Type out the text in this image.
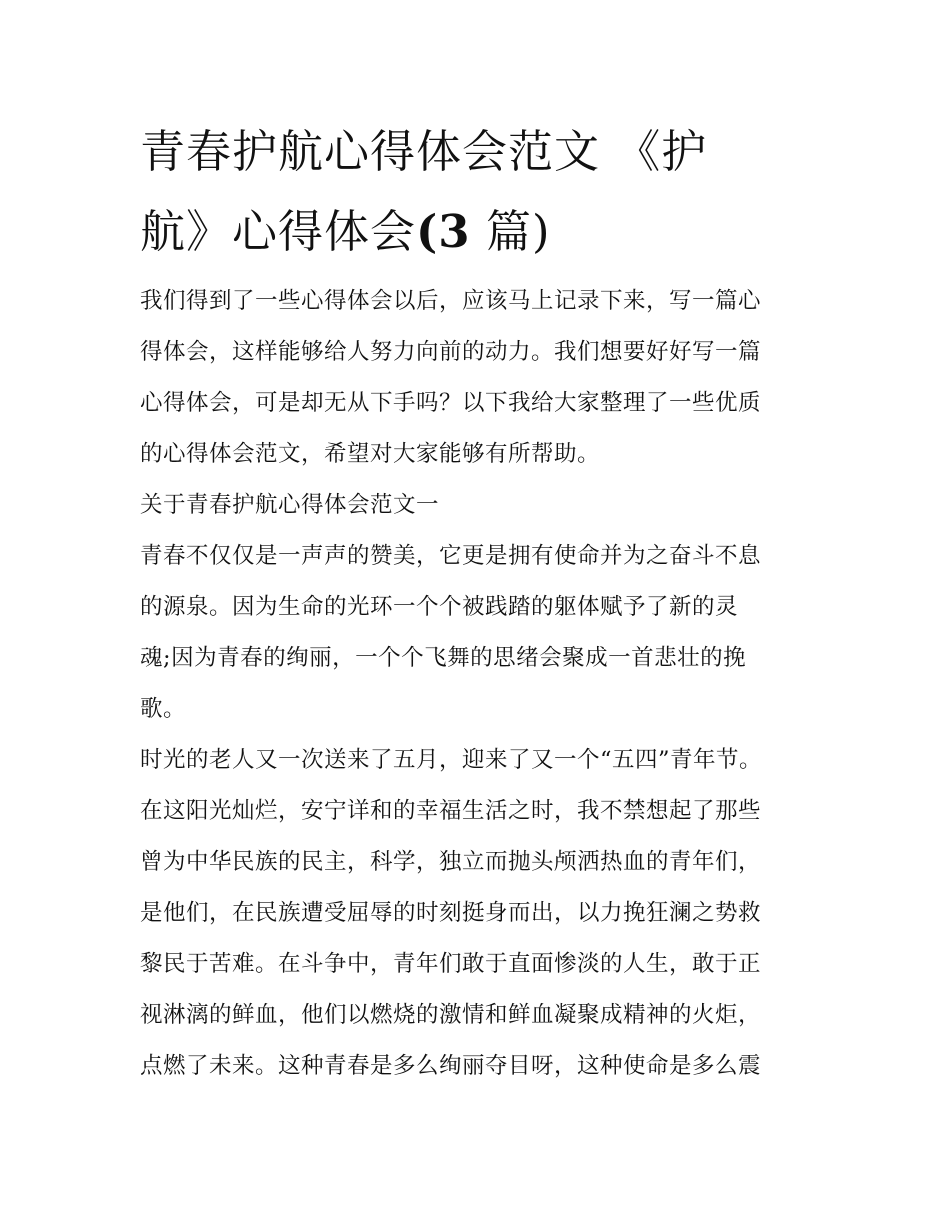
青春护航心得体会范文 《护
航》心得体会(3 篇)

我们得到了一些心得体会以后，应该马上记录下来，写一篇心
得体会，这样能够给人努力向前的动力。我们想要好好写一篇
心得体会，可是却无从下手吗？以下我给大家整理了一些优质
的心得体会范文，希望对大家能够有所帮助。

关于青春护航心得体会范文一

青春不仅仅是一声声的赞美，它更是拥有使命并为之奋斗不息
的源泉。因为生命的光环一个个被践踏的躯体赋予了新的灵
魂;因为青春的绚丽，一个个飞舞的思绪会聚成一首悲壮的挽
歌。

时光的老人又一次送来了五月，迎来了又一个“五四”青年节。
在这阳光灿烂，安宁详和的幸福生活之时，我不禁想起了那些
曾为中华民族的民主，科学，独立而抛头颅洒热血的青年们，
是他们，在民族遭受屈辱的时刻挺身而出，以力挽狂澜之势救
黎民于苦难。在斗争中，青年们敢于直面惨淡的人生，敢于正
视淋漓的鲜血，他们以燃烧的激情和鲜血凝聚成精神的火炬，
点燃了未来。这种青春是多么绚丽夺目呀，这种使命是多么震
